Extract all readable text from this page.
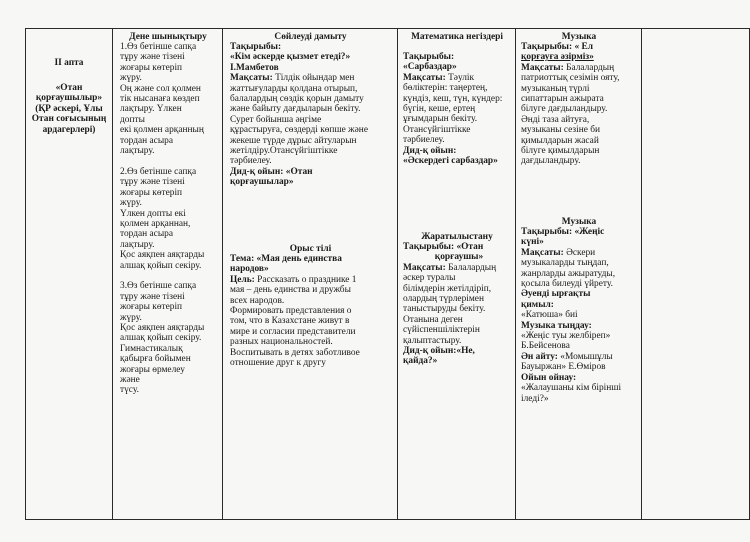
II апта
«Отан
қорғаушылыр»
(ҚР әскері, Ұлы
Отан соғысының
ардагерлері)
Дене шынықтыру
1.Өз бетінше сапқа
тұру және тізені
жоғары көтеріп
жүру.
Оң және сол қолмен
тік нысанаға көздеп
лақтыру. Үлкен
допты
екі қолмен арқанның
тордан асыра
лақтыру.

2.Өз бетінше сапқа
тұру және тізені
жоғары көтеріп
жүру.
Үлкен допты екі
қолмен арқаннан,
тордан асыра
лақтыру.
Қос аяқпен аяқтарды
алшақ қойып секіру.

3.Өз бетінше сапқа
тұру және тізені
жоғары көтеріп
жүру.
Қос аяқпен аяқтарды
алшақ қойып секіру.
Гимнастикалық
қабырға бойымен
жоғары өрмелеу
және
түсу.
Сөйлеуді дамыту
Тақырыбы:
«Кім әскерде қызмет етеді?»
І.Мамбетов
Мақсаты: Тілдік ойындар мен
жаттығуларды қолдана отырып,
балалардың сөздік қорын дамыту
және байыту дағдыларын бекіту.
Сурет бойынша әңгіме
құрастыруға, сөздерді көпше және
жекеше түрде дұрыс айтуларын
жетілдіру.Отансүйгіштікке
тәрбиелеу.
Дид-қ ойын: «Отан
қорғаушылар»
Орыс тілі
Тема: «Мая день единства
народов»
Цель: Рассказать о празднике 1
мая – день единства и дружбы
всех народов.
Формировать представления о
том, что в Казахстане живут в
мире и согласии представители
разных национальностей.
Воспитывать в детях заботливое
отношение друг к другу
Математика негіздері
Тақырыбы:
«Сарбаздар»
Мақсаты: Тәулік
бөліктерін: таңертең,
күндіз, кеш, түн, күндер:
бүгін, кеше, ертең
ұғымдарын бекіту.
Отансүйгіштікке
тәрбиелеу.
Дид-қ ойын:
«Әскердегі сарбаздар»
Жаратылыстану
Тақырыбы: «Отан
қорғаушы»
Мақсаты: Балалардың
әскер туралы
білімдерін жетілдіріп,
олардың түрлерімен
таныстыруды бекіту.
Отанына деген
сүйіспеншіліктерін
қалыптастыру.
Дид-қ ойын:«Не,
қайда?»
Музыка
Тақырыбы: « Ел
қорғауға әзірміз»
Мақсаты: Балалардың
патриоттық сезімін ояту,
музыканың түрлі
сипаттарын ажырата
білуге дағдыландыру.
Әнді таза айтуға,
музыканы сезіне би
қимылдарын жасай
білуге қимылдарын
дағдыландыру.
Музыка
Тақырыбы: «Жеңіс
күні»
Мақсаты: Әскери
музыкаларды тыңдап,
жанрларды ажыратуды,
қосыла билеуді үйрету.
Әуенді ырғақты
қимыл:
«Катюша» биі
Музыка тыңдау:
«Жеңіс туы желбіреп»
Б.Бейсенова
Ән айту: «Момышұлы
Бауыржан» Е.Өміров
Ойын ойнау:
«Жалаушаны кім бірінші
іледі?»
